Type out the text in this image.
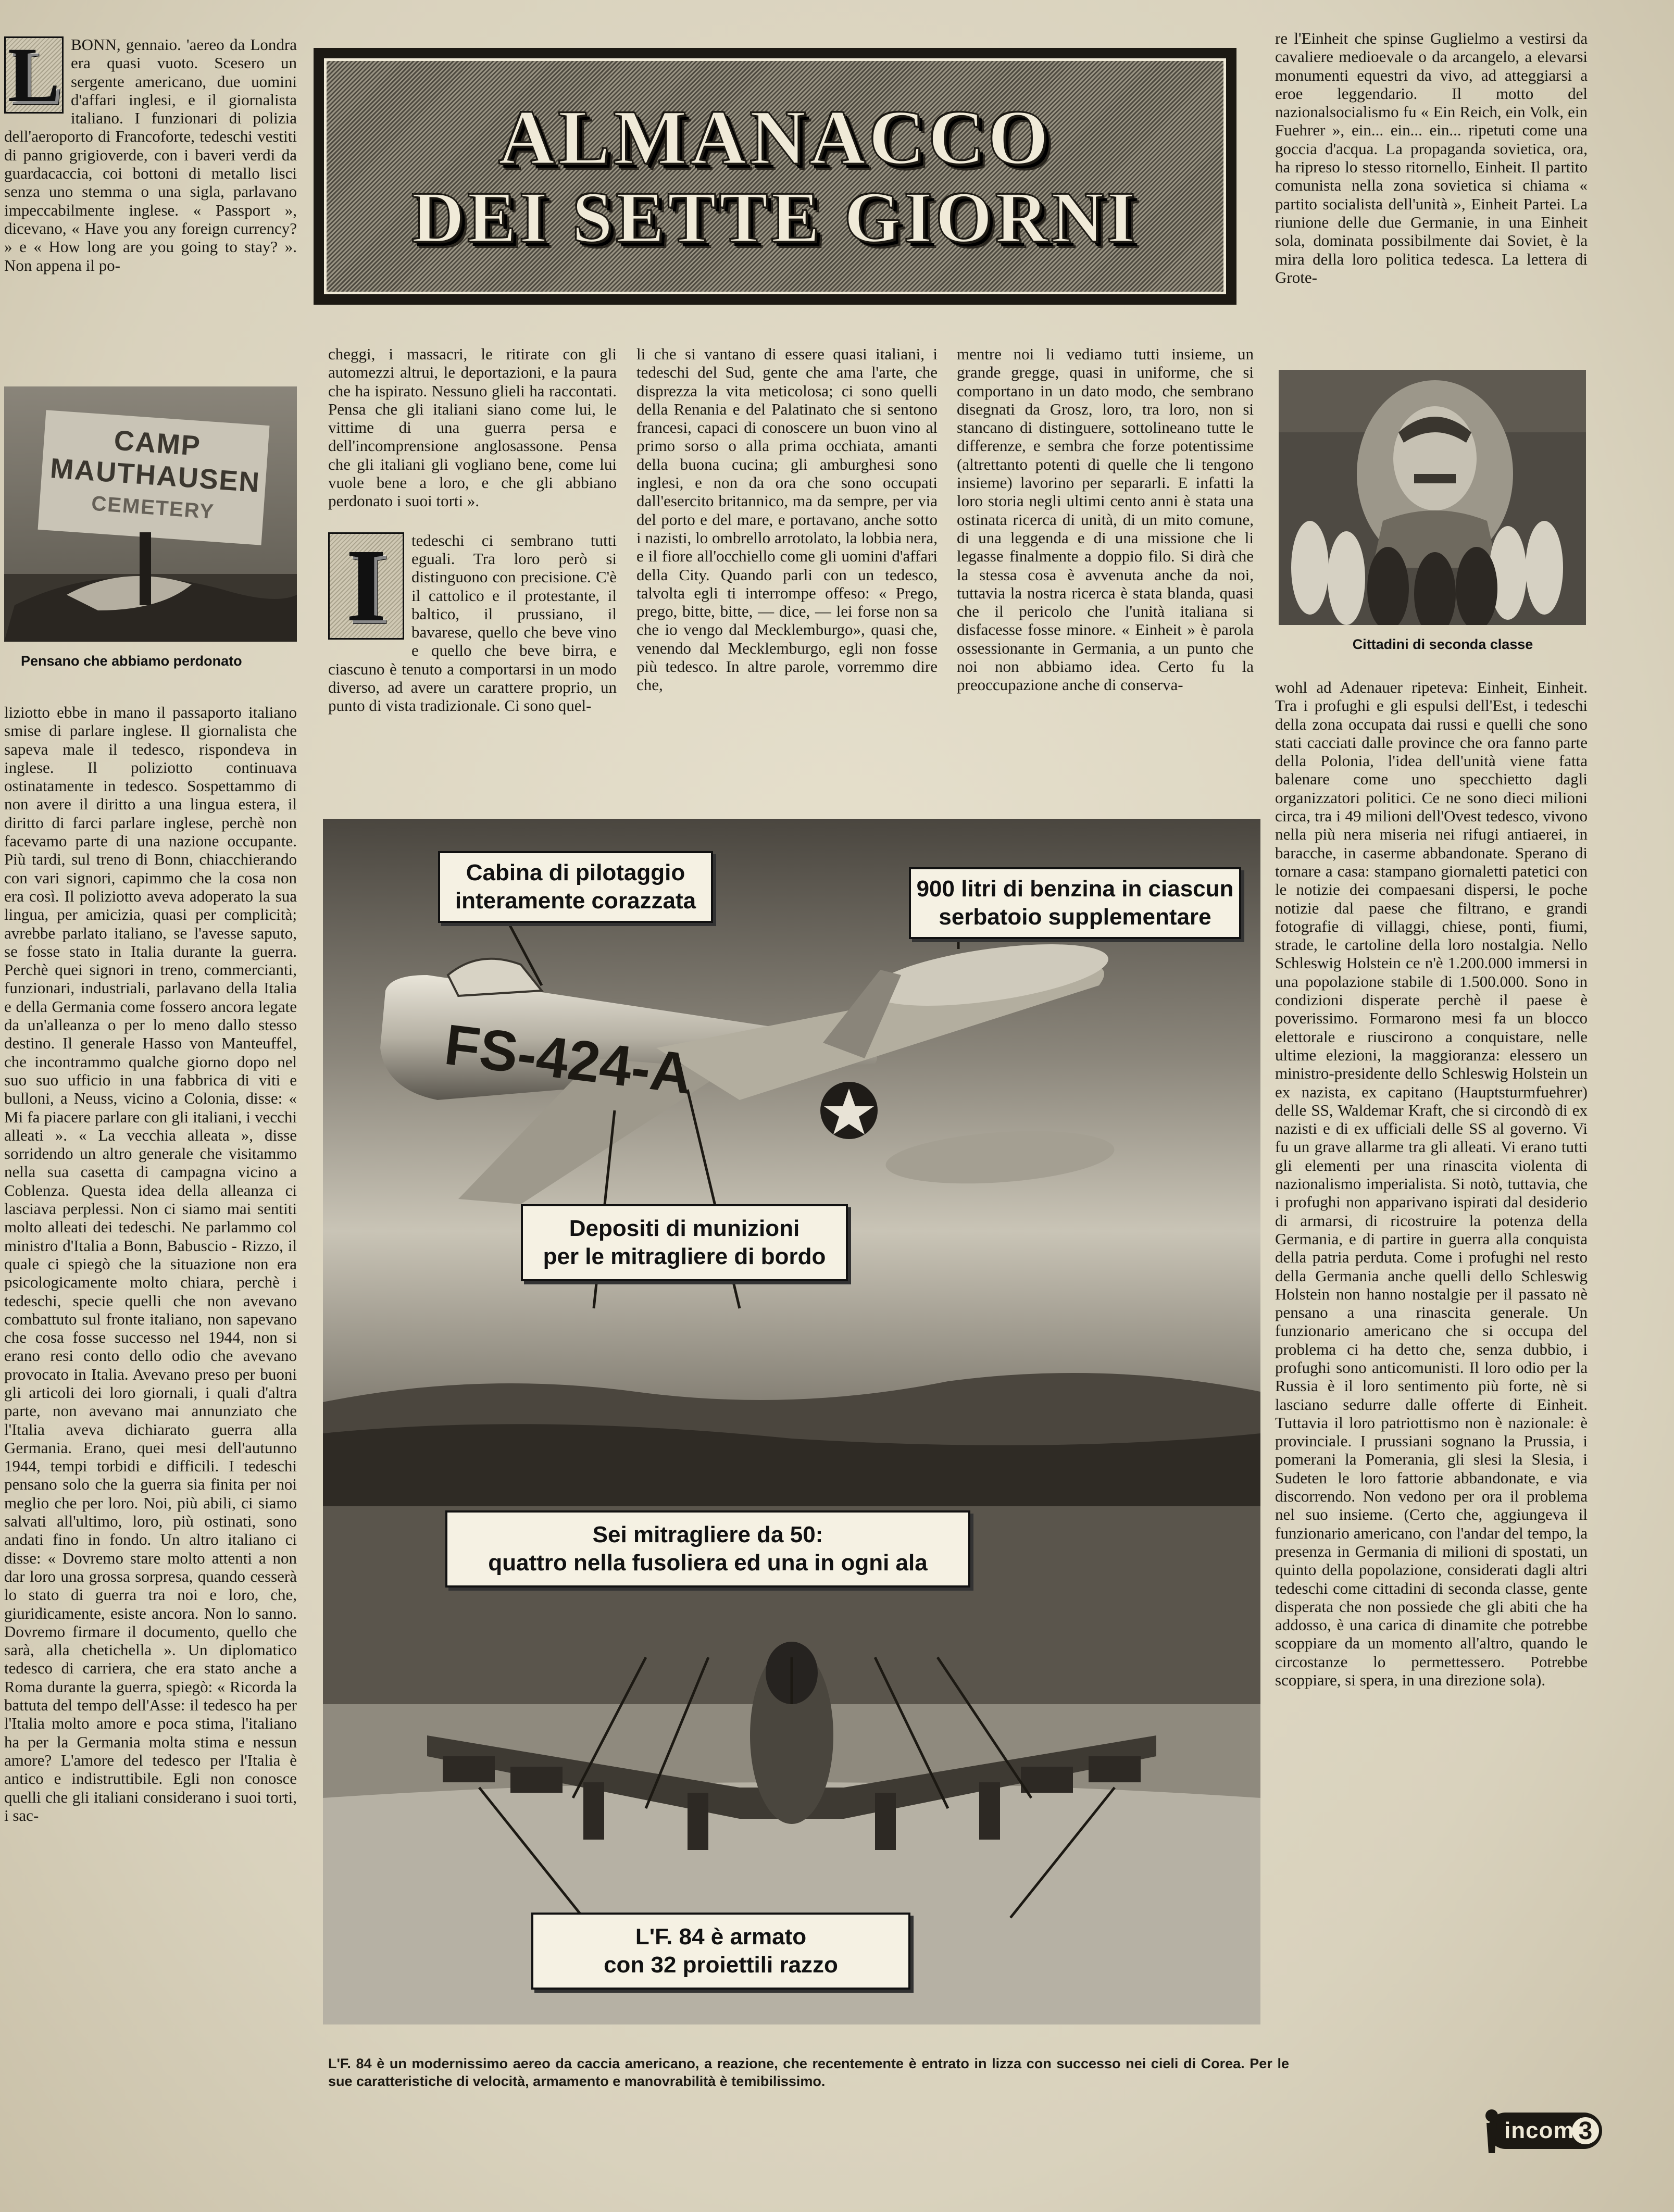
L BONN, gennaio. 'aereo da Londra era quasi vuoto. Scesero un sergente americano, due uomini d'affari inglesi, e il giornalista italiano. I funzionari di polizia dell'aeroporto di Francoforte, tedeschi vestiti di panno grigioverde, con i baveri verdi da guardacaccia, coi bottoni di metallo lisci senza uno stemma o una sigla, parlavano impeccabilmente inglese. « Passport », dicevano, « Have you any foreign currency? » e « How long are you going to stay? ». Non appena il po-

CAMP
MAUTHAUSEN
CEMETERY
Pensano che abbiamo perdonato

liziotto ebbe in mano il passaporto italiano smise di parlare inglese. Il giornalista che sapeva male il tedesco, rispondeva in inglese. Il poliziotto continuava ostinatamente in tedesco. Sospettammo di non avere il diritto a una lingua estera, il diritto di farci parlare inglese, perchè non facevamo parte di una nazione occupante. Più tardi, sul treno di Bonn, chiacchierando con vari signori, capimmo che la cosa non era così. Il poliziotto aveva adoperato la sua lingua, per amicizia, quasi per complicità; avrebbe parlato italiano, se l'avesse saputo, se fosse stato in Italia durante la guerra. Perchè quei signori in treno, commercianti, funzionari, industriali, parlavano della Italia e della Germania come fossero ancora legate da un'alleanza o per lo meno dallo stesso destino. Il generale Hasso von Manteuffel, che incontrammo qualche giorno dopo nel suo suo ufficio in una fabbrica di viti e bulloni, a Neuss, vicino a Colonia, disse: « Mi fa piacere parlare con gli italiani, i vecchi alleati ». « La vecchia alleata », disse sorridendo un altro generale che visitammo nella sua casetta di campagna vicino a Coblenza. Questa idea della alleanza ci lasciava perplessi. Non ci siamo mai sentiti molto alleati dei tedeschi. Ne parlammo col ministro d'Italia a Bonn, Babuscio - Rizzo, il quale ci spiegò che la situazione non era psicologicamente molto chiara, perchè i tedeschi, specie quelli che non avevano combattuto sul fronte italiano, non sapevano che cosa fosse successo nel 1944, non si erano resi conto dello odio che avevano provocato in Italia. Avevano preso per buoni gli articoli dei loro giornali, i quali d'altra parte, non avevano mai annunziato che l'Italia aveva dichiarato guerra alla Germania. Erano, quei mesi dell'autunno 1944, tempi torbidi e difficili. I tedeschi pensano solo che la guerra sia finita per noi meglio che per loro. Noi, più abili, ci siamo salvati all'ultimo, loro, più ostinati, sono andati fino in fondo. Un altro italiano ci disse: « Dovremo stare molto attenti a non dar loro una grossa sorpresa, quando cesserà lo stato di guerra tra noi e loro, che, giuridicamente, esiste ancora. Non lo sanno. Dovremo firmare il documento, quello che sarà, alla chetichella ». Un diplomatico tedesco di carriera, che era stato anche a Roma durante la guerra, spiegò: « Ricorda la battuta del tempo dell'Asse: il tedesco ha per l'Italia molto amore e poca stima, l'italiano ha per la Germania molta stima e nessun amore? L'amore del tedesco per l'Italia è antico e indistruttibile. Egli non conosce quelli che gli italiani considerano i suoi torti, i sac-

ALMANACCO
DEI SETTE GIORNI

cheggi, i massacri, le ritirate con gli automezzi altrui, le deportazioni, e la paura che ha ispirato. Nessuno glieli ha raccontati. Pensa che gli italiani siano come lui, le vittime di una guerra persa e dell'incomprensione anglosassone. Pensa che gli italiani gli vogliano bene, come lui vuole bene a loro, e che gli abbiano perdonato i suoi torti ».

I	tedeschi ci sembrano tutti eguali. Tra loro però si distinguono con precisione. C'è il cattolico e il protestante, il baltico, il prussiano, il bavarese, quello che beve vino e quello che beve birra, e ciascuno è tenuto a comportarsi in un modo diverso, ad avere un carattere proprio, un punto di vista tradizionale. Ci sono quel-

li che si vantano di essere quasi italiani, i tedeschi del Sud, gente che ama l'arte, che disprezza la vita meticolosa; ci sono quelli della Renania e del Palatinato che si sentono francesi, capaci di conoscere un buon vino al primo sorso o alla prima occhiata, amanti della buona cucina; gli amburghesi sono inglesi, e non da ora che sono occupati dall'esercito britannico, ma da sempre, per via del porto e del mare, e portavano, anche sotto i nazisti, lo ombrello arrotolato, la lobbia nera, e il fiore all'occhiello come gli uomini d'affari della City. Quando parli con un tedesco, talvolta egli ti interrompe offeso: « Prego, prego, bitte, bitte, — dice, — lei forse non sa che io vengo dal Mecklemburgo», quasi che, venendo dal Mecklemburgo, egli non fosse più tedesco. In altre parole, vorremmo dire che,

mentre noi li vediamo tutti insieme, un grande gregge, quasi in uniforme, che si comportano in un dato modo, che sembrano disegnati da Grosz, loro, tra loro, non si stancano di distinguere, sottolineano tutte le differenze, e sembra che forze potentissime (altrettanto potenti di quelle che li tengono insieme) lavorino per separarli. E infatti la loro storia negli ultimi cento anni è stata una ostinata ricerca di unità, di un mito comune, di una leggenda e di una missione che li legasse finalmente a doppio filo. Si dirà che la stessa cosa è avvenuta anche da noi, tuttavia la nostra ricerca è stata blanda, quasi che il pericolo che l'unità italiana si disfacesse fosse minore. « Einheit » è parola ossessionante in Germania, a un punto che noi non abbiamo idea. Certo fu la preoccupazione anche di conserva-

re l'Einheit che spinse Guglielmo a vestirsi da cavaliere medioevale o da arcangelo, a elevarsi monumenti equestri da vivo, ad atteggiarsi a eroe leggendario. Il motto del nazionalsocialismo fu « Ein Reich, ein Volk, ein Fuehrer », ein... ein... ein... ripetuti come una goccia d'acqua. La propaganda sovietica, ora, ha ripreso lo stesso ritornello, Einheit. Il partito comunista nella zona sovietica si chiama « partito socialista dell'unità », Einheit Partei. La riunione delle due Germanie, in una Einheit sola, dominata possibilmente dai Soviet, è la mira della loro politica tedesca. La lettera di Grote-

Cittadini di seconda classe

wohl ad Adenauer ripeteva: Einheit, Einheit. Tra i profughi e gli espulsi dell'Est, i tedeschi della zona occupata dai russi e quelli che sono stati cacciati dalle province che ora fanno parte della Polonia, l'idea dell'unità viene fatta balenare come uno specchietto dagli organizzatori politici. Ce ne sono dieci milioni circa, tra i 49 milioni dell'Ovest tedesco, vivono nella più nera miseria nei rifugi antiaerei, in baracche, in caserme abbandonate. Sperano di tornare a casa: stampano giornaletti patetici con le notizie dei compaesani dispersi, le poche notizie dal paese che filtrano, e grandi fotografie di villaggi, chiese, ponti, fiumi, strade, le cartoline della loro nostalgia. Nello Schleswig Holstein ce n'è 1.200.000 immersi in una popolazione stabile di 1.500.000. Sono in condizioni disperate perchè il paese è poverissimo. Formarono mesi fa un blocco elettorale e riuscirono a conquistare, nelle ultime elezioni, la maggioranza: elessero un ministro-presidente dello Schleswig Holstein un ex nazista, ex capitano (Hauptsturmfuehrer) delle SS, Waldemar Kraft, che si circondò di ex nazisti e di ex ufficiali delle SS al governo. Vi fu un grave allarme tra gli alleati. Vi erano tutti gli elementi per una rinascita violenta di nazionalismo imperialista. Si notò, tuttavia, che i profughi non apparivano ispirati dal desiderio di armarsi, di ricostruire la potenza della Germania, e di partire in guerra alla conquista della patria perduta. Come i profughi nel resto della Germania anche quelli dello Schleswig Holstein non hanno nostalgie per il passato nè pensano a una rinascita generale. Un funzionario americano che si occupa del problema ci ha detto che, senza dubbio, i profughi sono anticomunisti. Il loro odio per la Russia è il loro sentimento più forte, nè si lasciano sedurre dalle offerte di Einheit. Tuttavia il loro patriottismo non è nazionale: è provinciale. I prussiani sognano la Prussia, i pomerani la Pomerania, gli slesi la Slesia, i Sudeten le loro fattorie abbandonate, e via discorrendo. Non vedono per ora il problema nel suo insieme. (Certo che, aggiungeva il funzionario americano, con l'andar del tempo, la presenza in Germania di milioni di spostati, un quinto della popolazione, considerati dagli altri tedeschi come cittadini di seconda classe, gente disperata che non possiede che gli abiti che ha addosso, è una carica di dinamite che potrebbe scoppiare da un momento all'altro, quando le circostanze lo permettessero. Potrebbe scoppiare, si spera, in una direzione sola).

FS-424-A
Cabina di pilotaggio
interamente corazzata	900 litri di benzina in ciascun
serbatoio supplementare
Depositi di munizioni
per le mitragliere di bordo
Sei mitragliere da 50:
quattro nella fusoliera ed una in ogni ala
L'F. 84 è armato
con 32 proiettili razzo
L'F. 84 è un modernissimo aereo da caccia americano, a reazione, che recentemente è entrato in lizza con successo nei cieli di Corea. Per le sue caratteristiche di velocità, armamento e manovrabilità è temibilissimo.
incom 3
